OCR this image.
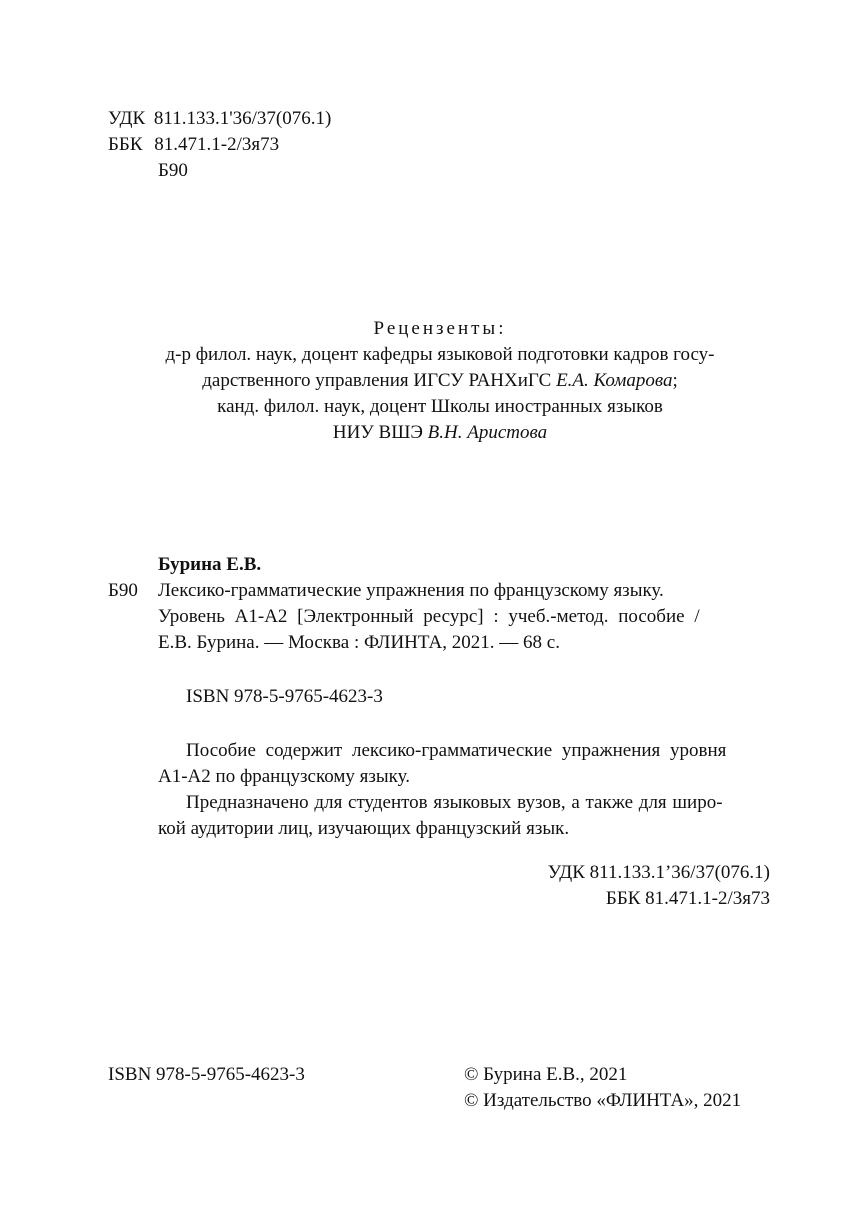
УДК 811.133.1'36/37(076.1)
ББК 81.471.1-2/3я73
Б90
Рецензенты:
д-р филол. наук, доцент кафедры языковой подготовки кадров госу-
дарственного управления ИГСУ РАНХиГС Е.А. Комарова;
канд. филол. наук, доцент Школы иностранных языков
НИУ ВШЭ В.Н. Аристова
Бурина Е.В.
Б90 Лексико-грамматические упражнения по французскому языку.
Уровень А1-А2 [Электронный ресурс] : учеб.-метод. пособие /
Е.В. Бурина. — Москва : ФЛИНТА, 2021. — 68 с.
ISBN 978-5-9765-4623-3
Пособие содержит лексико-грамматические упражнения уровня
А1-А2 по французскому языку.
Предназначено для студентов языковых вузов, а также для широ-
кой аудитории лиц, изучающих французский язык.
УДК 811.133.1’36/37(076.1)
ББК 81.471.1-2/3я73
ISBN 978-5-9765-4623-3	© Бурина Е.В., 2021
© Издательство «ФЛИНТА», 2021
